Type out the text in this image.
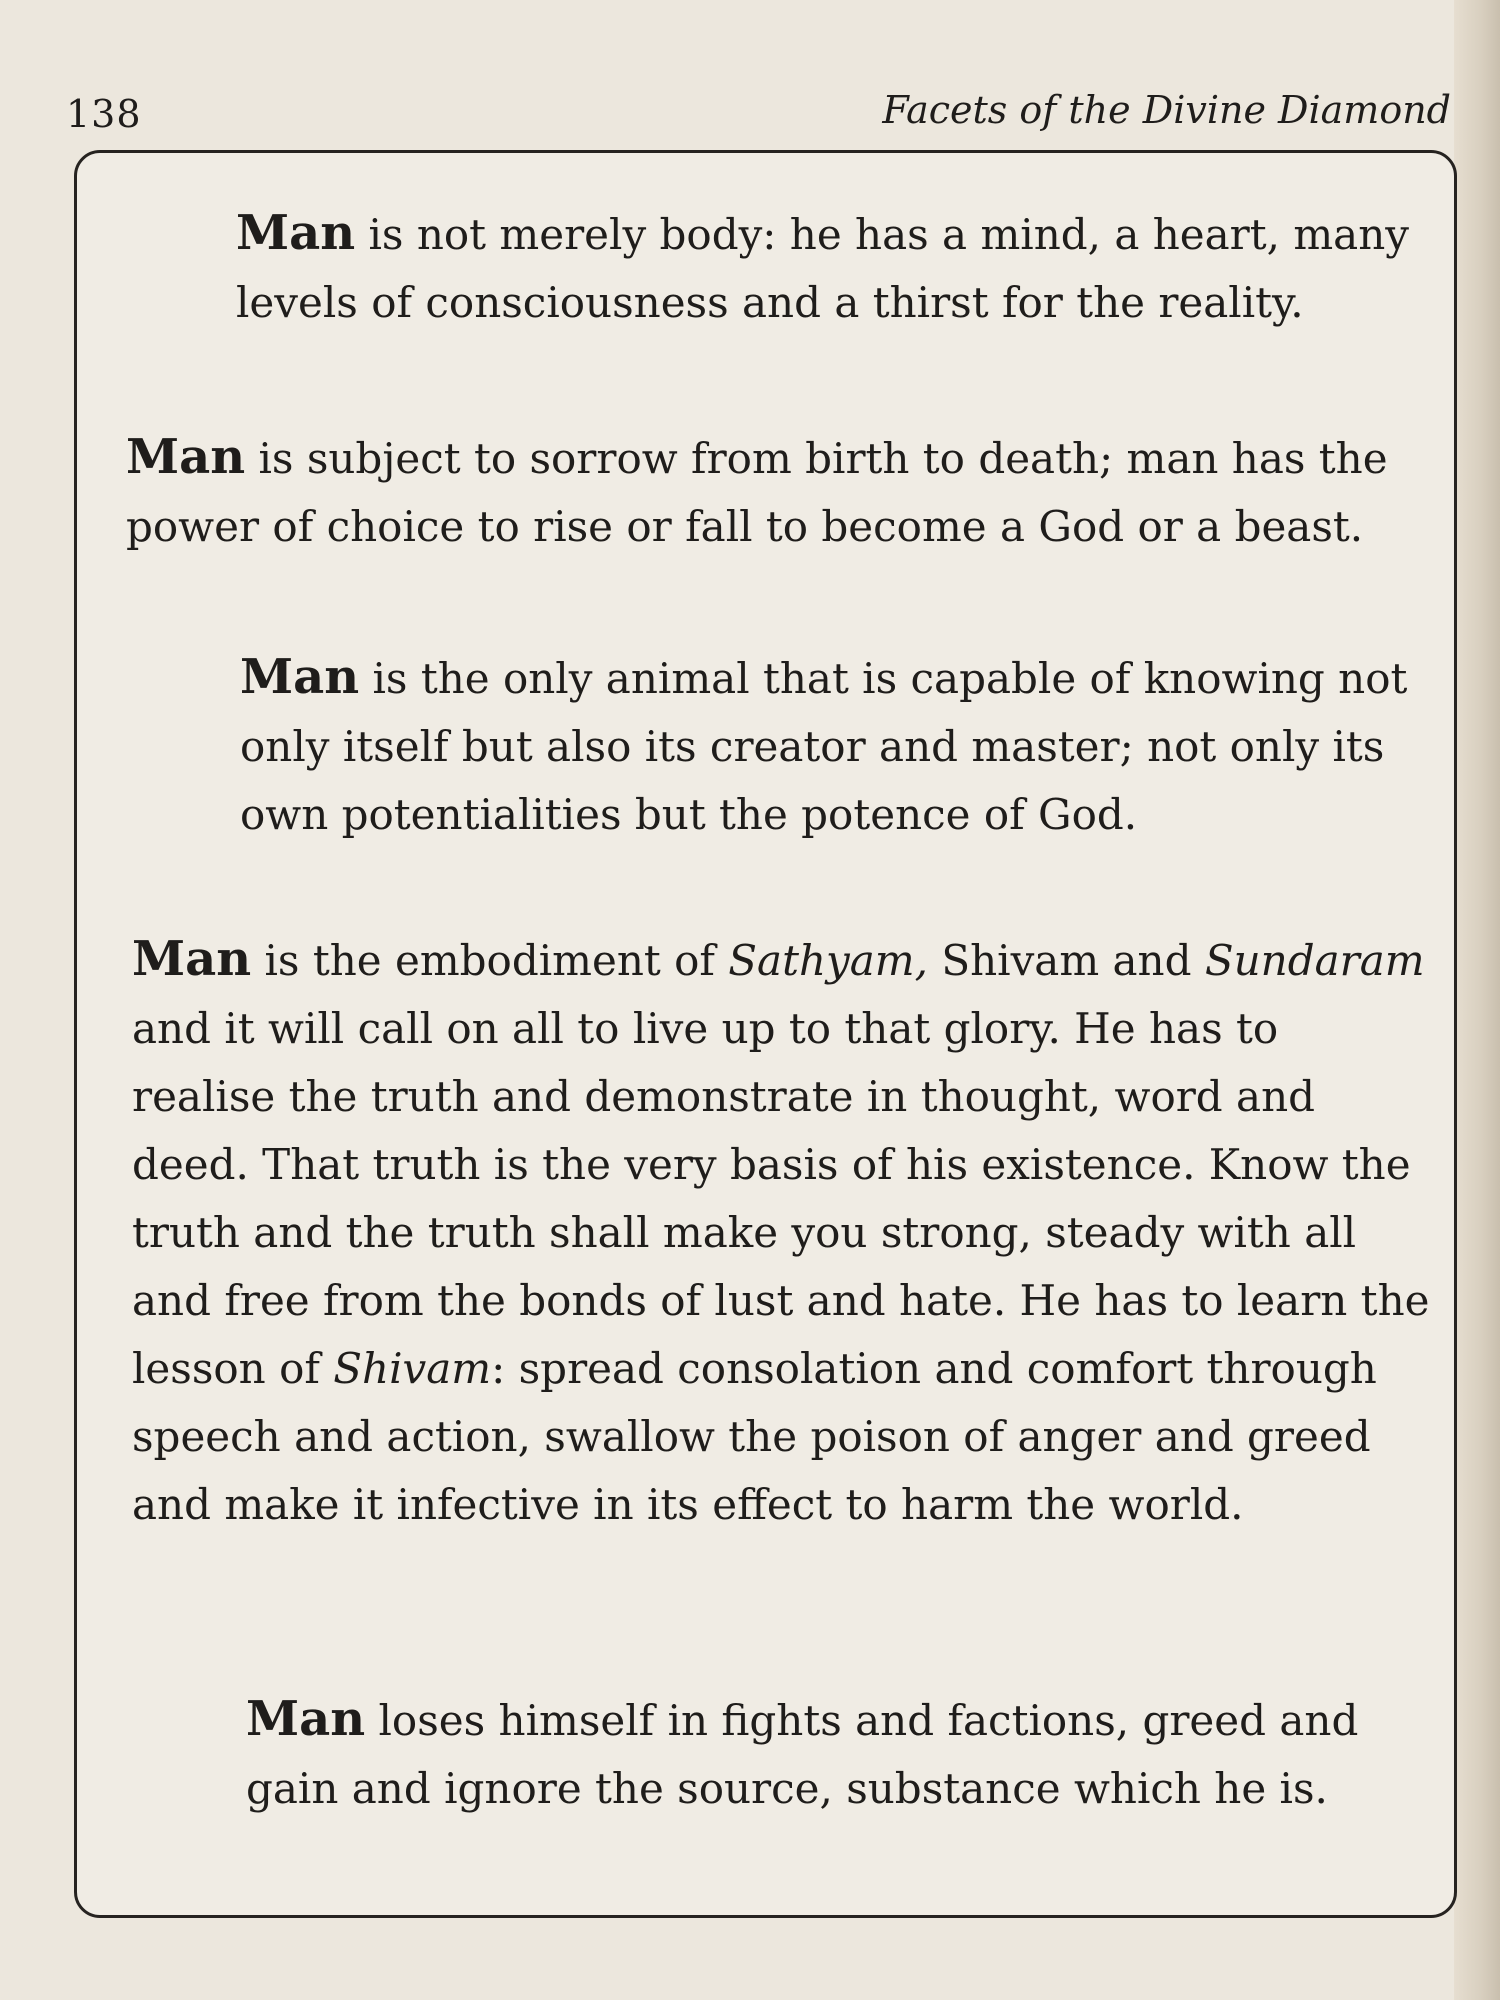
138	Facets of the Divine Diamond

Man is not merely body: he has a mind, a heart, many levels of consciousness and a thirst for the reality.

Man is subject to sorrow from birth to death; man has the power of choice to rise or fall to become a God or a beast.

Man is the only animal that is capable of knowing not only itself but also its creator and master; not only its own potentialities but the potence of God.

Man is the embodiment of Sathyam, Shivam and Sundaram and it will call on all to live up to that glory. He has to realise the truth and demonstrate in thought, word and deed. That truth is the very basis of his existence. Know the truth and the truth shall make you strong, steady with all and free from the bonds of lust and hate. He has to learn the lesson of Shivam: spread consolation and comfort through speech and action, swallow the poison of anger and greed and make it infective in its effect to harm the world.

Man loses himself in fights and factions, greed and gain and ignore the source, substance which he is.
